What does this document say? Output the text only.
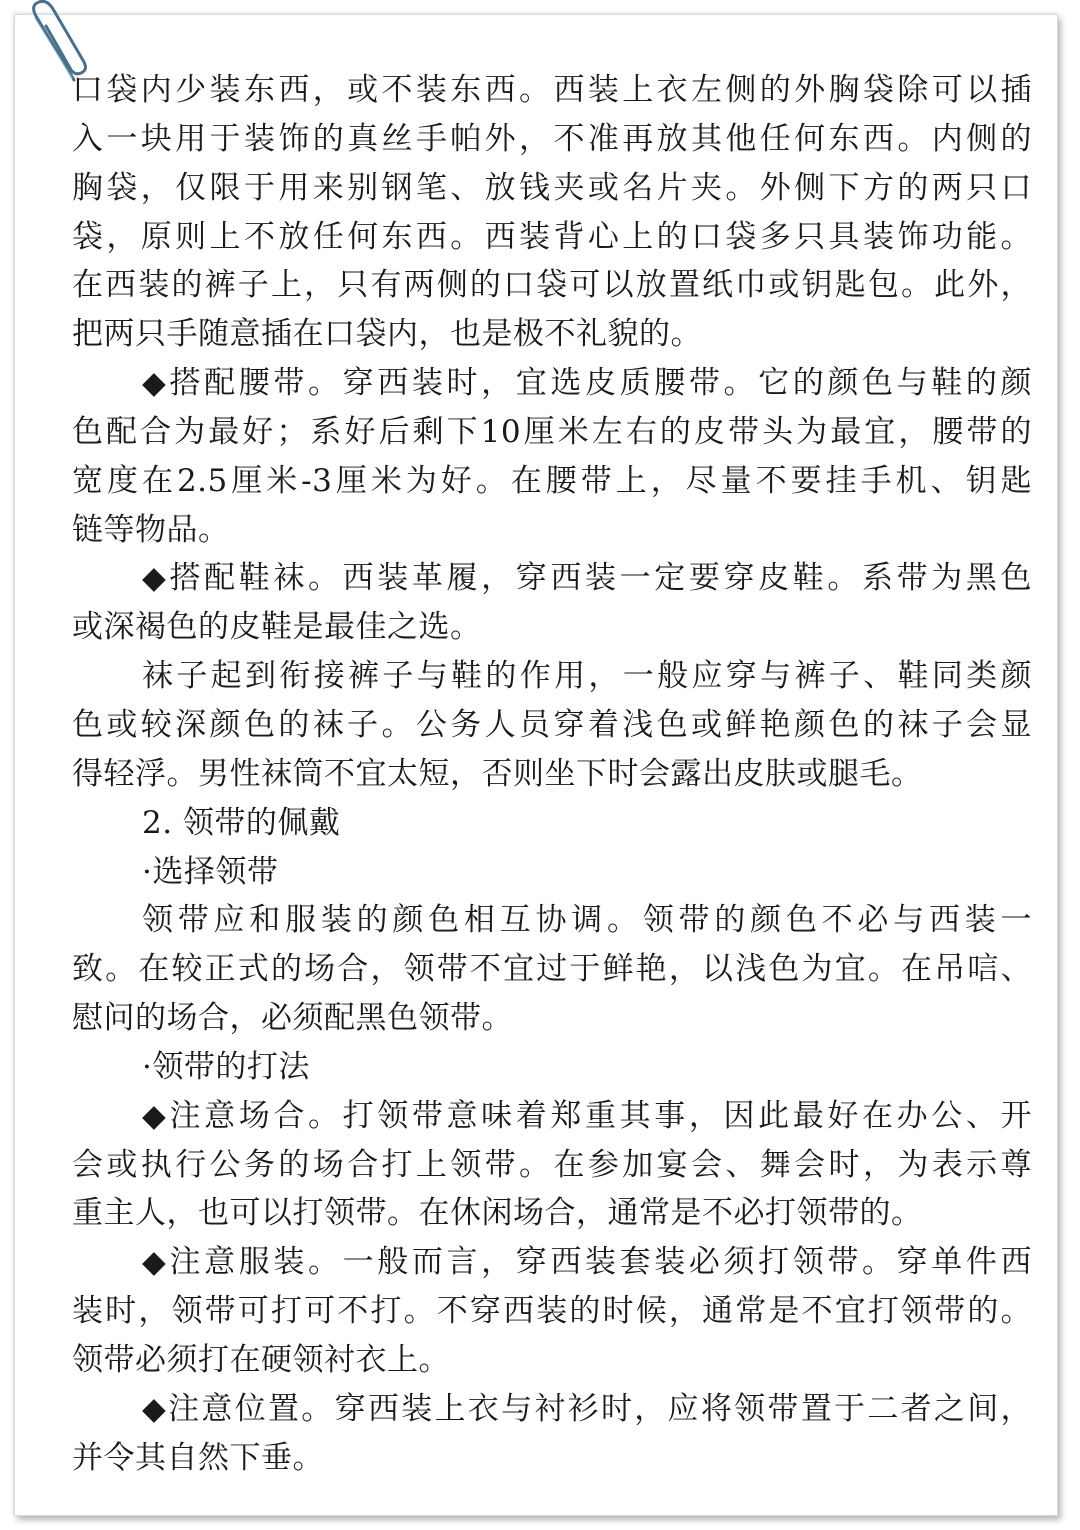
口袋内少装东西，或不装东西。西装上衣左侧的外胸袋除可以插
入一块用于装饰的真丝手帕外，不准再放其他任何东西。内侧的
胸袋，仅限于用来别钢笔、放钱夹或名片夹。外侧下方的两只口
袋，原则上不放任何东西。西装背心上的口袋多只具装饰功能。
在西装的裤子上，只有两侧的口袋可以放置纸巾或钥匙包。此外，
把两只手随意插在口袋内，也是极不礼貌的。
◆搭配腰带。穿西装时，宜选皮质腰带。它的颜色与鞋的颜
色配合为最好；系好后剩下10厘米左右的皮带头为最宜，腰带的
宽度在2.5厘米-3厘米为好。在腰带上，尽量不要挂手机、钥匙
链等物品。
◆搭配鞋袜。西装革履，穿西装一定要穿皮鞋。系带为黑色
或深褐色的皮鞋是最佳之选。
袜子起到衔接裤子与鞋的作用，一般应穿与裤子、鞋同类颜
色或较深颜色的袜子。公务人员穿着浅色或鲜艳颜色的袜子会显
得轻浮。男性袜筒不宜太短，否则坐下时会露出皮肤或腿毛。
2. 领带的佩戴
·选择领带
领带应和服装的颜色相互协调。领带的颜色不必与西装一
致。在较正式的场合，领带不宜过于鲜艳，以浅色为宜。在吊唁、
慰问的场合，必须配黑色领带。
·领带的打法
◆注意场合。打领带意味着郑重其事，因此最好在办公、开
会或执行公务的场合打上领带。在参加宴会、舞会时，为表示尊
重主人，也可以打领带。在休闲场合，通常是不必打领带的。
◆注意服装。一般而言，穿西装套装必须打领带。穿单件西
装时，领带可打可不打。不穿西装的时候，通常是不宜打领带的。
领带必须打在硬领衬衣上。
◆注意位置。穿西装上衣与衬衫时，应将领带置于二者之间，
并令其自然下垂。
